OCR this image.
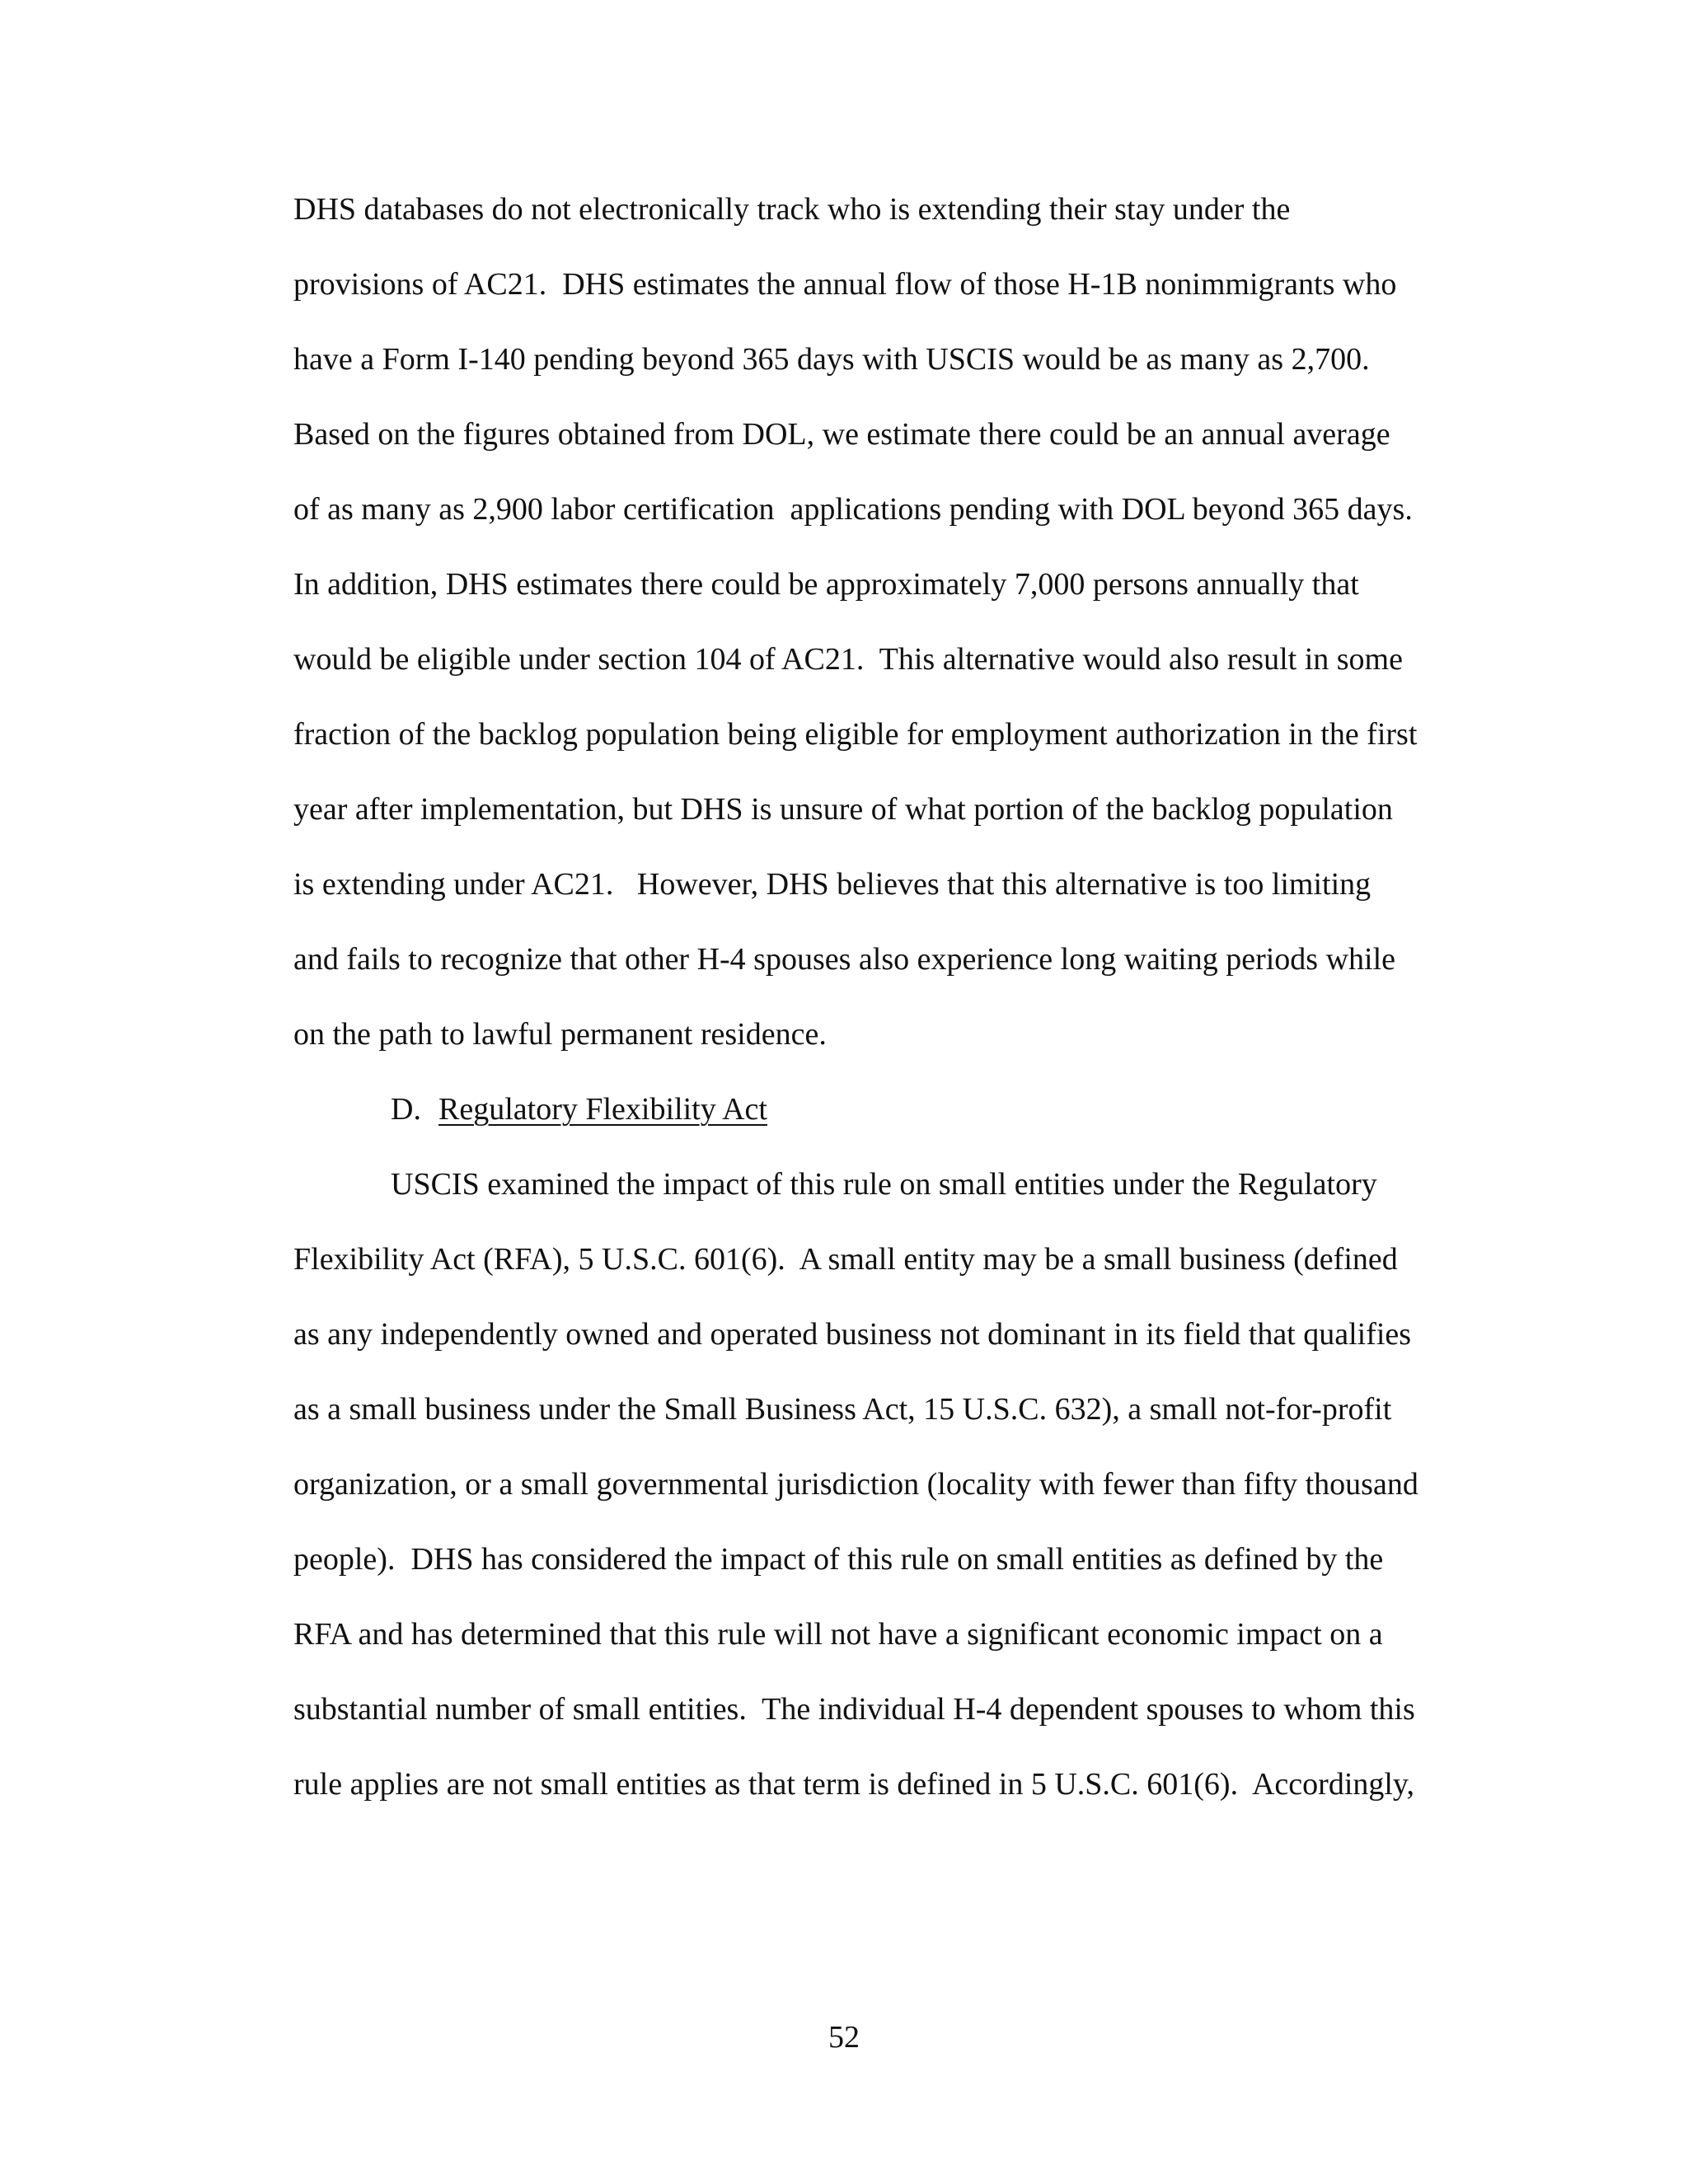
DHS databases do not electronically track who is extending their stay under the
provisions of AC21.  DHS estimates the annual flow of those H-1B nonimmigrants who
have a Form I-140 pending beyond 365 days with USCIS would be as many as 2,700.
Based on the figures obtained from DOL, we estimate there could be an annual average
of as many as 2,900 labor certification  applications pending with DOL beyond 365 days.
In addition, DHS estimates there could be approximately 7,000 persons annually that
would be eligible under section 104 of AC21.  This alternative would also result in some
fraction of the backlog population being eligible for employment authorization in the first
year after implementation, but DHS is unsure of what portion of the backlog population
is extending under AC21.   However, DHS believes that this alternative is too limiting
and fails to recognize that other H-4 spouses also experience long waiting periods while
on the path to lawful permanent residence.
D. Regulatory Flexibility Act
USCIS examined the impact of this rule on small entities under the Regulatory
Flexibility Act (RFA), 5 U.S.C. 601(6).  A small entity may be a small business (defined
as any independently owned and operated business not dominant in its field that qualifies
as a small business under the Small Business Act, 15 U.S.C. 632), a small not-for-profit
organization, or a small governmental jurisdiction (locality with fewer than fifty thousand
people).  DHS has considered the impact of this rule on small entities as defined by the
RFA and has determined that this rule will not have a significant economic impact on a
substantial number of small entities.  The individual H-4 dependent spouses to whom this
rule applies are not small entities as that term is defined in 5 U.S.C. 601(6).  Accordingly,
52
